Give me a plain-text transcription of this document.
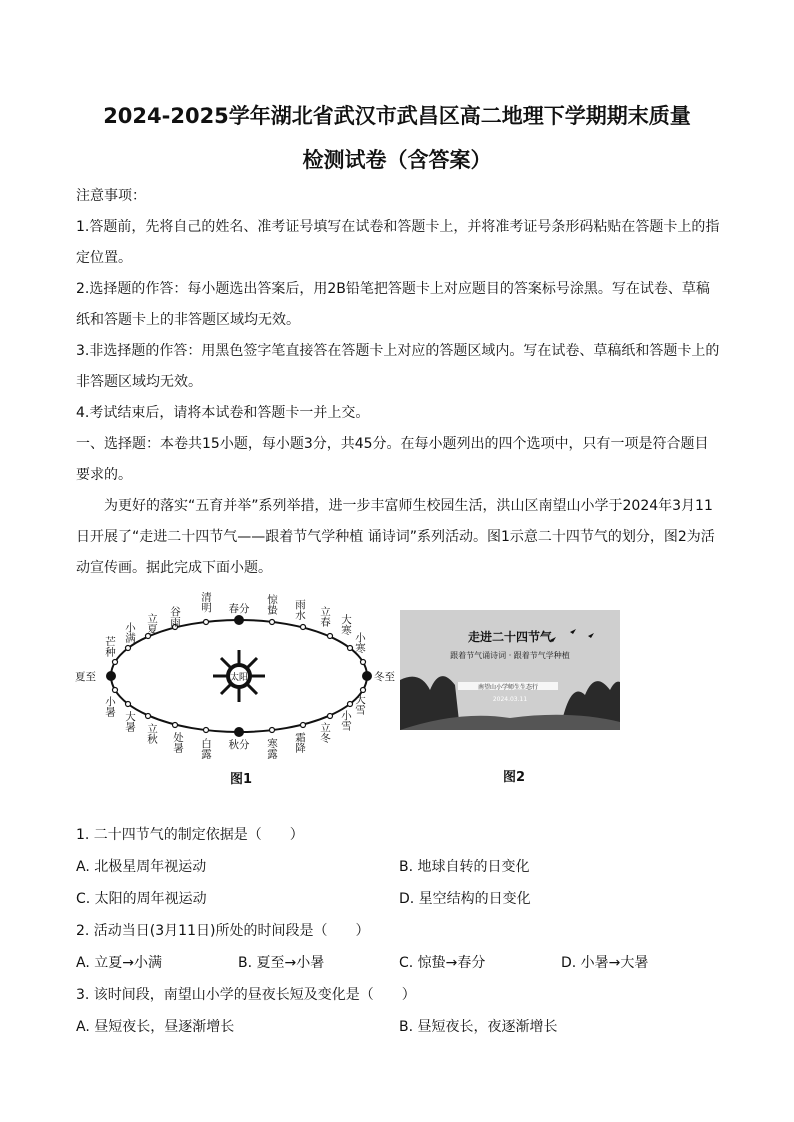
2024-2025学年湖北省武汉市武昌区高二地理下学期期末质量
检测试卷（含答案）
注意事项：
1.答题前，先将自己的姓名、准考证号填写在试卷和答题卡上，并将准考证号条形码粘贴在答题卡上的指定位置。
2.选择题的作答：每小题选出答案后，用2B铅笔把答题卡上对应题目的答案标号涂黑。写在试卷、草稿纸和答题卡上的非答题区域均无效。
3.非选择题的作答：用黑色签字笔直接答在答题卡上对应的答题区域内。写在试卷、草稿纸和答题卡上的非答题区域均无效。
4.考试结束后，请将本试卷和答题卡一并上交。
一、选择题：本卷共15小题，每小题3分，共45分。在每小题列出的四个选项中，只有一项是符合题目要求的。
为更好的落实“五育并举”系列举措，进一步丰富师生校园生活，洪山区南望山小学于2024年3月11日开展了“走进二十四节气——跟着节气学种植 诵诗词”系列活动。图1示意二十四节气的划分，图2为活动宣传画。据此完成下面小题。
太阳
春分
清明
谷雨
立夏
小满
芒种
夏至
小暑
大暑
立秋 处暑 白露 秋分 寒露 霜降 立冬
小雪
大雪
冬至
小寒
大寒
立春
雨水
惊蛰
图1
走进二十四节气
跟着节气诵诗词 · 跟着节气学种植
南望山小学师生生态行
2024.03.11
图2
1. 二十四节气的制定依据是（　　）
A. 北极星周年视运动	B. 地球自转的日变化
C. 太阳的周年视运动	D. 星空结构的日变化
2. 活动当日(3月11日)所处的时间段是（　　）
A. 立夏→小满	B. 夏至→小暑	C. 惊蛰→春分	D. 小暑→大暑
3. 该时间段，南望山小学的昼夜长短及变化是（　　）
A. 昼短夜长，昼逐渐增长	B. 昼短夜长，夜逐渐增长
